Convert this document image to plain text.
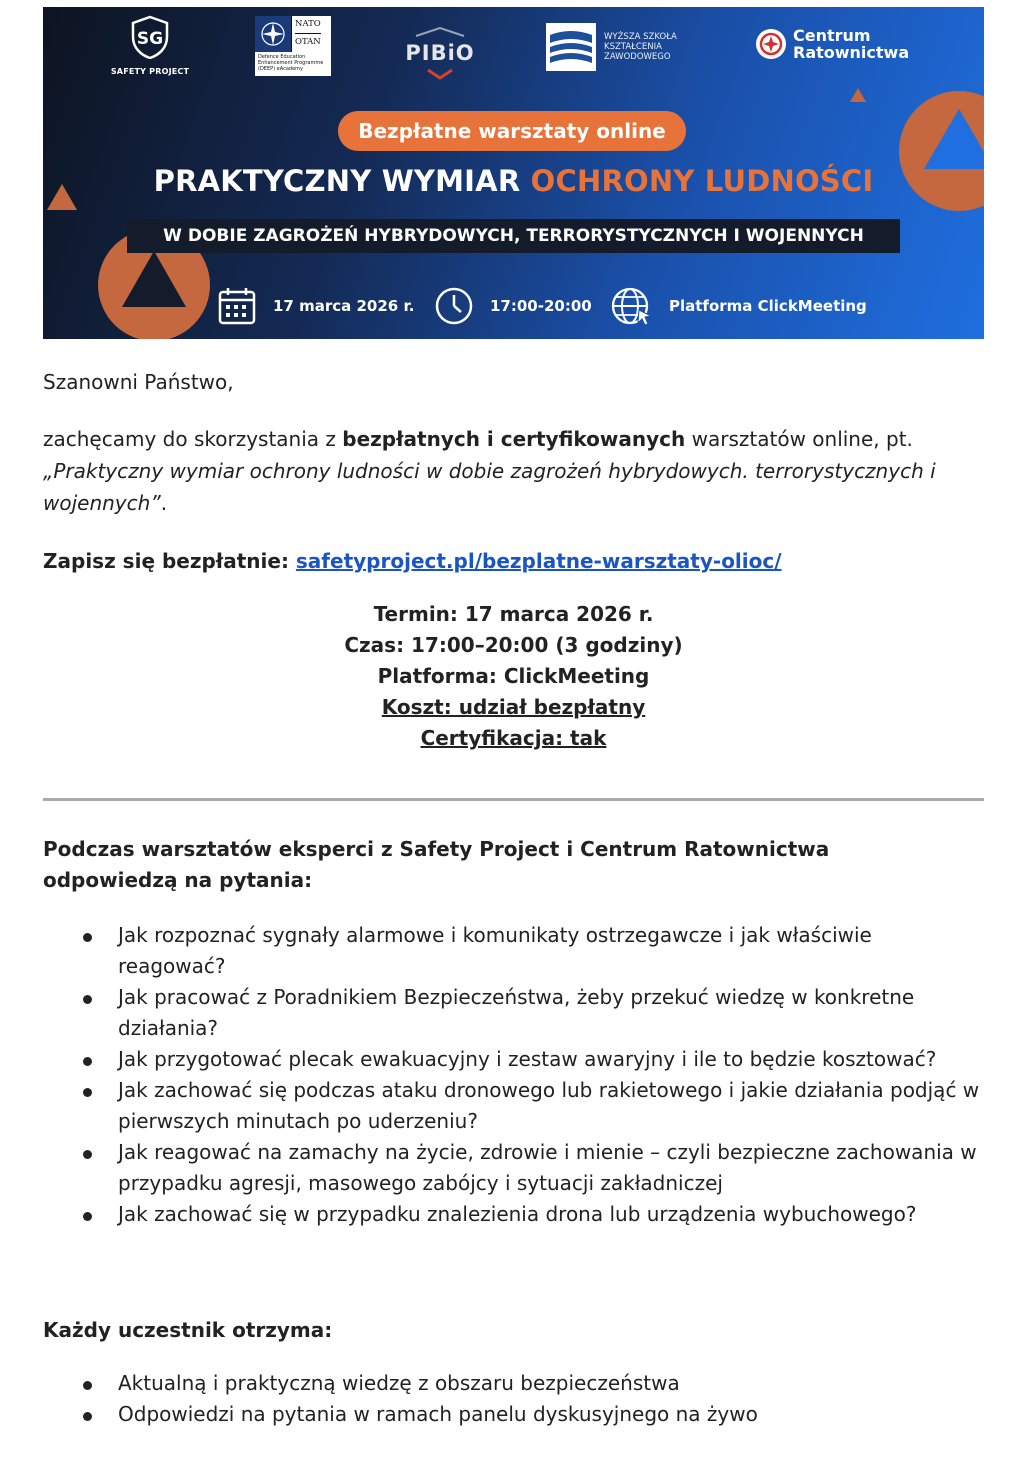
SG
SAFETY PROJECT
NATO
OTAN
Defence Education Enhancement Programme (DEEP) eAcademy
PIBiO
WYŻSZA SZKOŁA
KSZTAŁCENIA
ZAWODOWEGO
Centrum
Ratownictwa
Bezpłatne warsztaty online
PRAKTYCZNY WYMIAR OCHRONY LUDNOŚCI
W DOBIE ZAGROŻEŃ HYBRYDOWYCH, TERRORYSTYCZNYCH I WOJENNYCH
17 marca 2026 r.	17:00-20:00	Platforma ClickMeeting
Szanowni Państwo,
zachęcamy do skorzystania z bezpłatnych i certyfikowanych warsztatów online, pt. „Praktyczny wymiar ochrony ludności w dobie zagrożeń hybrydowych. terrorystycznych i wojennych”.
Zapisz się bezpłatnie: safetyproject.pl/bezplatne-warsztaty-olioc/
Termin: 17 marca 2026 r.
Czas: 17:00–20:00 (3 godziny)
Platforma: ClickMeeting
Koszt: udział bezpłatny
Certyfikacja: tak
Podczas warsztatów eksperci z Safety Project i Centrum Ratownictwa odpowiedzą na pytania:
Jak rozpoznać sygnały alarmowe i komunikaty ostrzegawcze i jak właściwie reagować?
Jak pracować z Poradnikiem Bezpieczeństwa, żeby przekuć wiedzę w konkretne działania?
Jak przygotować plecak ewakuacyjny i zestaw awaryjny i ile to będzie kosztować?
Jak zachować się podczas ataku dronowego lub rakietowego i jakie działania podjąć w pierwszych minutach po uderzeniu?
Jak reagować na zamachy na życie, zdrowie i mienie – czyli bezpieczne zachowania w przypadku agresji, masowego zabójcy i sytuacji zakładniczej
Jak zachować się w przypadku znalezienia drona lub urządzenia wybuchowego?
Każdy uczestnik otrzyma:
Aktualną i praktyczną wiedzę z obszaru bezpieczeństwa
Odpowiedzi na pytania w ramach panelu dyskusyjnego na żywo
